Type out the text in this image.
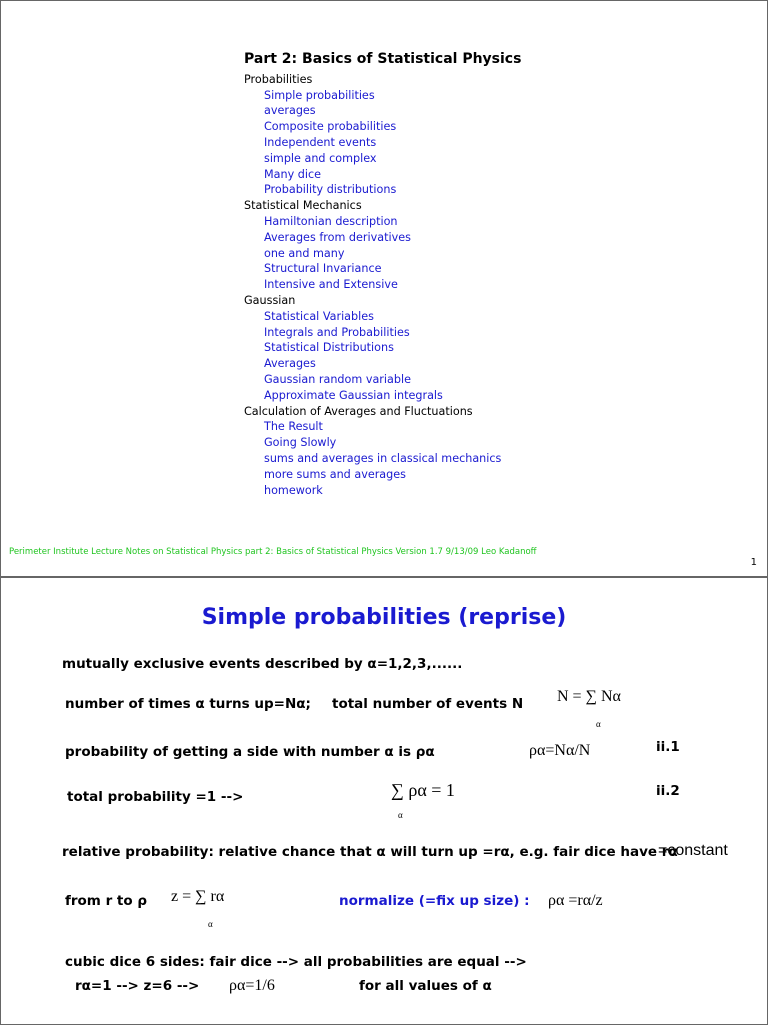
Part 2: Basics of Statistical Physics
Probabilities
Simple probabilities
averages
Composite probabilities
Independent events
simple and complex
Many dice
Probability distributions
Statistical Mechanics
Hamiltonian description
Averages from derivatives
one and many
Structural Invariance
Intensive and Extensive
Gaussian
Statistical Variables
Integrals and Probabilities
Statistical Distributions
Averages
Gaussian random variable
Approximate Gaussian integrals
Calculation of Averages and Fluctuations
The Result
Going Slowly
sums and averages in classical mechanics
more sums and averages
homework
Perimeter Institute Lecture Notes on Statistical Physics part 2: Basics of Statistical Physics Version 1.7 9/13/09 Leo Kadanoff
1
Simple probabilities (reprise)
mutually exclusive events described by α=1,2,3,......
number of times α turns up=Nα; total number of events N N = ∑ Nα
α
probability of getting a side with number α is ρα	ρα=Nα/N	ii.1
total probability =1 -->	∑ ρα = 1
α
ii.2
relative probability: relative chance that α will turn up =rα, e.g. fair dice have rα
=constant
from r to ρ z = ∑ rα
α
normalize (=fix up size) : ρα =rα/z
cubic dice 6 sides: fair dice --> all probabilities are equal -->
rα=1 --> z=6 --> ρα=1/6	for all values of α
